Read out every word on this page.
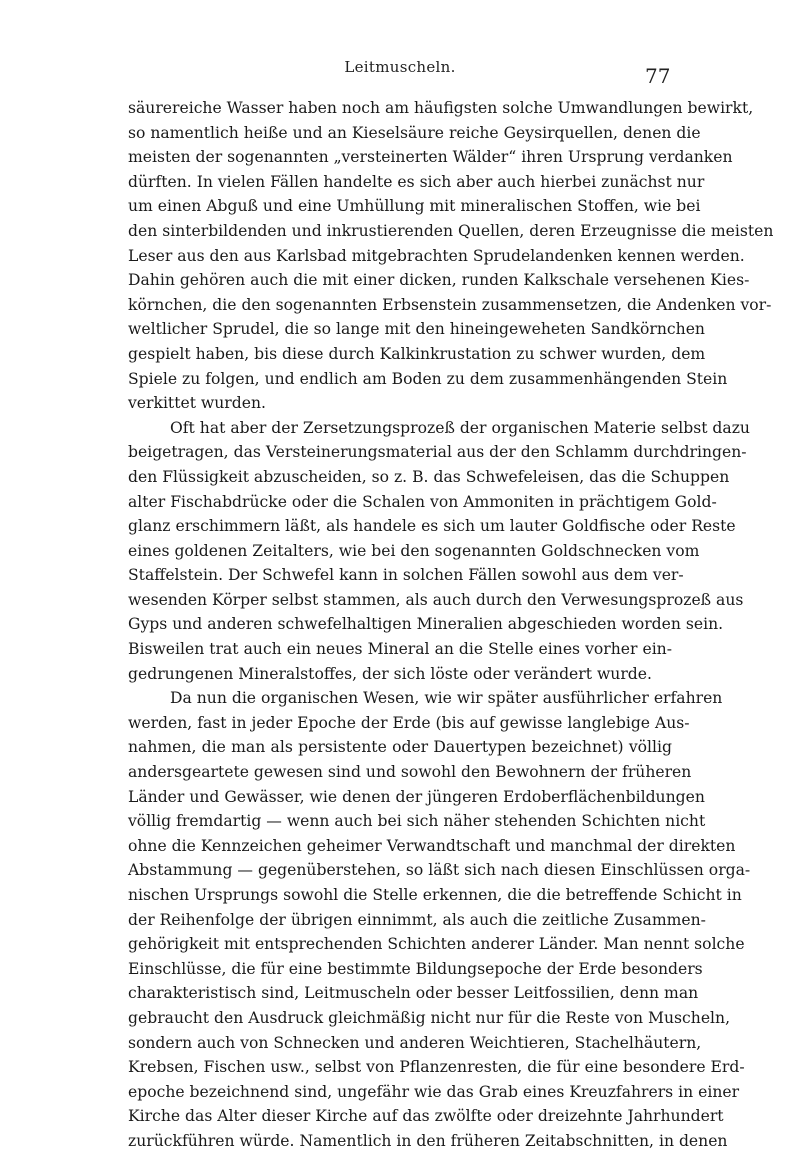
Leitmuscheln.	77
säurereiche Wasser haben noch am häufigsten solche Umwandlungen bewirkt,
so namentlich heiße und an Kieselsäure reiche Geysirquellen, denen die
meisten der sogenannten „versteinerten Wälder“ ihren Ursprung verdanken
dürften. In vielen Fällen handelte es sich aber auch hierbei zunächst nur
um einen Abguß und eine Umhüllung mit mineralischen Stoffen, wie bei
den sinterbildenden und inkrustierenden Quellen, deren Erzeugnisse die meisten
Leser aus den aus Karlsbad mitgebrachten Sprudelandenken kennen werden.
Dahin gehören auch die mit einer dicken, runden Kalkschale versehenen Kies-
körnchen, die den sogenannten Erbsenstein zusammensetzen, die Andenken vor-
weltlicher Sprudel, die so lange mit den hineingeweheten Sandkörnchen
gespielt haben, bis diese durch Kalkinkrustation zu schwer wurden, dem
Spiele zu folgen, und endlich am Boden zu dem zusammenhängenden Stein
verkittet wurden.
Oft hat aber der Zersetzungsprozeß der organischen Materie selbst dazu
beigetragen, das Versteinerungsmaterial aus der den Schlamm durchdringen-
den Flüssigkeit abzuscheiden, so z. B. das Schwefeleisen, das die Schuppen
alter Fischabdrücke oder die Schalen von Ammoniten in prächtigem Gold-
glanz erschimmern läßt, als handele es sich um lauter Goldfische oder Reste
eines goldenen Zeitalters, wie bei den sogenannten Goldschnecken vom
Staffelstein. Der Schwefel kann in solchen Fällen sowohl aus dem ver-
wesenden Körper selbst stammen, als auch durch den Verwesungsprozeß aus
Gyps und anderen schwefelhaltigen Mineralien abgeschieden worden sein.
Bisweilen trat auch ein neues Mineral an die Stelle eines vorher ein-
gedrungenen Mineralstoffes, der sich löste oder verändert wurde.
Da nun die organischen Wesen, wie wir später ausführlicher erfahren
werden, fast in jeder Epoche der Erde (bis auf gewisse langlebige Aus-
nahmen, die man als persistente oder Dauertypen bezeichnet) völlig
andersgeartete gewesen sind und sowohl den Bewohnern der früheren
Länder und Gewässer, wie denen der jüngeren Erdoberflächenbildungen
völlig fremdartig — wenn auch bei sich näher stehenden Schichten nicht
ohne die Kennzeichen geheimer Verwandtschaft und manchmal der direkten
Abstammung — gegenüberstehen, so läßt sich nach diesen Einschlüssen orga-
nischen Ursprungs sowohl die Stelle erkennen, die die betreffende Schicht in
der Reihenfolge der übrigen einnimmt, als auch die zeitliche Zusammen-
gehörigkeit mit entsprechenden Schichten anderer Länder. Man nennt solche
Einschlüsse, die für eine bestimmte Bildungsepoche der Erde besonders
charakteristisch sind, Leitmuscheln oder besser Leitfossilien, denn man
gebraucht den Ausdruck gleichmäßig nicht nur für die Reste von Muscheln,
sondern auch von Schnecken und anderen Weichtieren, Stachelhäutern,
Krebsen, Fischen usw., selbst von Pflanzenresten, die für eine besondere Erd-
epoche bezeichnend sind, ungefähr wie das Grab eines Kreuzfahrers in einer
Kirche das Alter dieser Kirche auf das zwölfte oder dreizehnte Jahrhundert
zurückführen würde. Namentlich in den früheren Zeitabschnitten, in denen
